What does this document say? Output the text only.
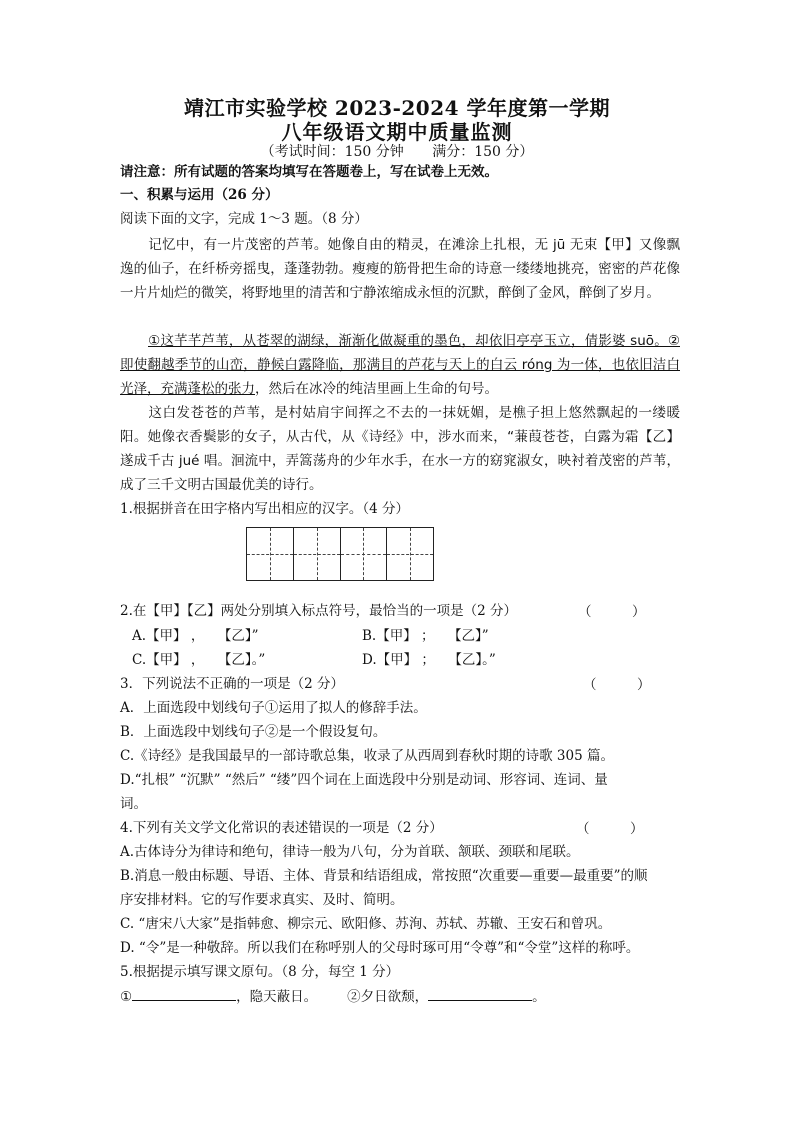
靖江市实验学校 2023-2024 学年度第一学期
八年级语文期中质量监测
（考试时间：150 分钟 满分：150 分）
请注意：所有试题的答案均填写在答题卷上，写在试卷上无效。
一、积累与运用（26 分）
阅读下面的文字，完成 1～3 题。（8 分）
记忆中，有一片茂密的芦苇。她像自由的精灵，在滩涂上扎根，无 jū 无束【甲】又像飘逸的仙子，在纤桥旁摇曳，蓬蓬勃勃。瘦瘦的筋骨把生命的诗意一缕缕地挑亮，密密的芦花像一片片灿烂的微笑，将野地里的清苦和宁静浓缩成永恒的沉默，醉倒了金风，醉倒了岁月。
①这芊芊芦苇，从苍翠的湖绿，渐渐化做凝重的墨色，却依旧亭亭玉立，倩影婆 suō。②即使翻越季节的山峦，静候白露降临，那满目的芦花与天上的白云 róng 为一体，也依旧洁白光泽，充满蓬松的张力，然后在冰冷的纯洁里画上生命的句号。
这白发苍苍的芦苇，是村姑肩宇间挥之不去的一抹妩媚，是樵子担上悠然飘起的一缕暖阳。她像衣香鬓影的女子，从古代，从《诗经》中，涉水而来，“蒹葭苍苍，白露为霜【乙】遂成千古 jué 唱。洄流中，弄篙荡舟的少年水手，在水一方的窈窕淑女，映衬着茂密的芦苇，成了三千文明古国最优美的诗行。
1.根据拼音在田字格内写出相应的汉字。（4 分）
2.在【甲】【乙】两处分别填入标点符号，最恰当的一项是（2 分）	（　　　）
A.【甲】 ，　　【乙】”	B.【甲】 ；　　【乙】”
C.【甲】 ，　　【乙】。”	D.【甲】 ；　　【乙】。”
3．下列说法不正确的一项是（2 分）	（　　　）
A．上面选段中划线句子①运用了拟人的修辞手法。
B．上面选段中划线句子②是一个假设复句。
C.《诗经》是我国最早的一部诗歌总集，收录了从西周到春秋时期的诗歌 305 篇。
D.“扎根” “沉默” “然后” “缕”四个词在上面选段中分别是动词、形容词、连词、量
词。
4.下列有关文学文化常识的表述错误的一项是（2 分）	（　　　）
A.古体诗分为律诗和绝句，律诗一般为八句，分为首联、颔联、颈联和尾联。
B.消息一般由标题、导语、主体、背景和结语组成，常按照“次重要—重要—最重要”的顺
序安排材料。它的写作要求真实、及时、简明。
C. “唐宋八大家”是指韩愈、柳宗元、欧阳修、苏洵、苏轼、苏辙、王安石和曾巩。
D. “令”是一种敬辞。所以我们在称呼别人的父母时琢可用“令尊”和“令堂”这样的称呼。
5.根据提示填写课文原句。（8 分，每空 1 分）
①	，隐天蔽日。 ②夕日欲颓，	。
